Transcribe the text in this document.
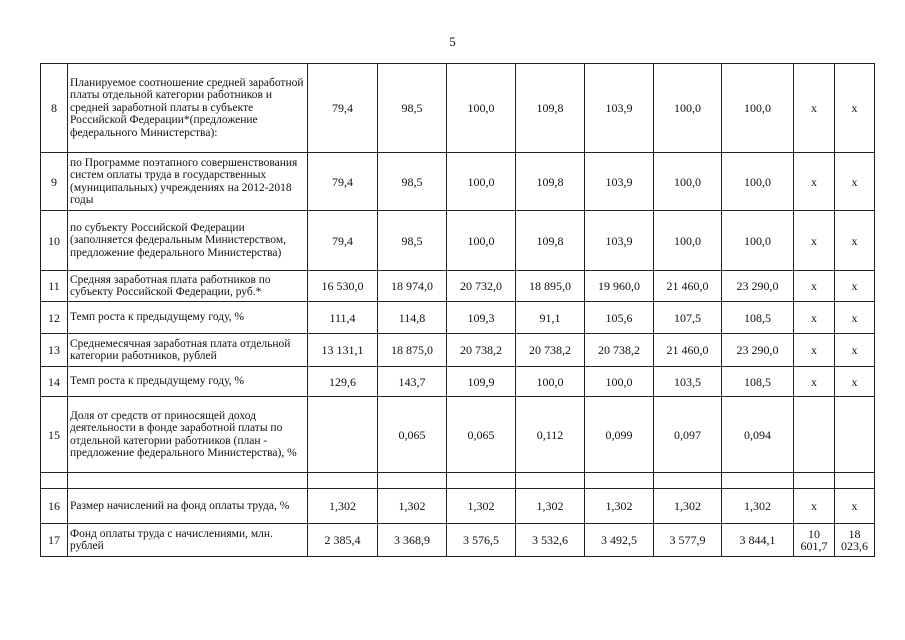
5
8	Планируемое соотношение средней заработной платы отдельной категории работников и средней заработной платы в субъекте Российской Федерации*(предложение федерального Министерства):	79,4	98,5	100,0	109,8	103,9	100,0	100,0	x	x
9	по Программе поэтапного совершенствования систем оплаты труда в государственных (муниципальных) учреждениях на 2012-2018 годы	79,4	98,5	100,0	109,8	103,9	100,0	100,0	x	x
10	по субъекту Российской Федерации (заполняется федеральным Министерством, предложение федерального Министерства)	79,4	98,5	100,0	109,8	103,9	100,0	100,0	x	x
11	Средняя заработная плата работников по субъекту Российской Федерации, руб.*	16 530,0	18 974,0	20 732,0	18 895,0	19 960,0	21 460,0	23 290,0	x	x
12	Темп роста к предыдущему году, %	111,4	114,8	109,3	91,1	105,6	107,5	108,5	x	x
13	Среднемесячная заработная плата отдельной категории работников, рублей	13 131,1	18 875,0	20 738,2	20 738,2	20 738,2	21 460,0	23 290,0	x	x
14	Темп роста к предыдущему году, %	129,6	143,7	109,9	100,0	100,0	103,5	108,5	x	x
15	Доля от средств от приносящей доход деятельности в фонде заработной платы по отдельной категории работников (план - предложение федерального Министерства), %		0,065	0,065	0,112	0,099	0,097	0,094		

16	Размер начислений на фонд оплаты труда, %	1,302	1,302	1,302	1,302	1,302	1,302	1,302	x	x
17	Фонд оплаты труда с начислениями, млн. рублей	2 385,4	3 368,9	3 576,5	3 532,6	3 492,5	3 577,9	3 844,1	10 601,7	18 023,6
